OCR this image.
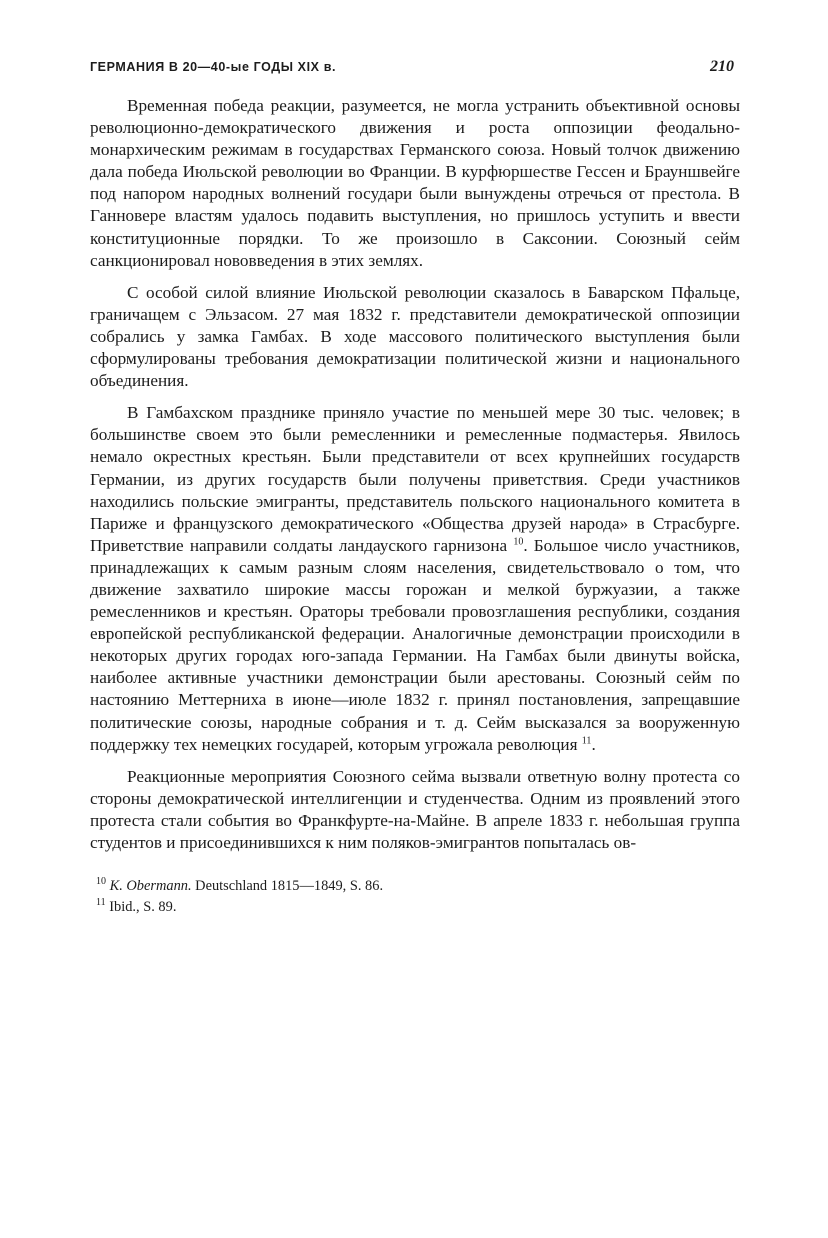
ГЕРМАНИЯ В 20—40-ые ГОДЫ XIX в.	210

Временная победа реакции, разумеется, не могла устранить объективной основы революционно-демократического движения и роста оппозиции феодально-монархическим режимам в государствах Германского союза. Новый толчок движению дала победа Июльской революции во Франции. В курфюршестве Гессен и Брауншвейге под напором народных волнений государи были вынуждены отречься от престола. В Ганновере властям удалось подавить выступления, но пришлось уступить и ввести конституционные порядки. То же произошло в Саксонии. Союзный сейм санкционировал нововведения в этих землях.

С особой силой влияние Июльской революции сказалось в Баварском Пфальце, граничащем с Эльзасом. 27 мая 1832 г. представители демократической оппозиции собрались у замка Гамбах. В ходе массового политического выступления были сформулированы требования демократизации политической жизни и национального объединения.

В Гамбахском празднике приняло участие по меньшей мере 30 тыс. человек; в большинстве своем это были ремесленники и ремесленные подмастерья. Явилось немало окрестных крестьян. Были представители от всех крупнейших государств Германии, из других государств были получены приветствия. Среди участников находились польские эмигранты, представитель польского национального комитета в Париже и французского демократического «Общества друзей народа» в Страсбурге. Приветствие направили солдаты ландауского гарнизона $^{10}$. Большое число участников, принадлежащих к самым разным слоям населения, свидетельствовало о том, что движение захватило широкие массы горожан и мелкой буржуазии, а также ремесленников и крестьян. Ораторы требовали провозглашения республики, создания европейской республиканской федерации. Аналогичные демонстрации происходили в некоторых других городах юго-запада Германии. На Гамбах были двинуты войска, наиболее активные участники демонстрации были арестованы. Союзный сейм по настоянию Меттерниха в июне—июле 1832 г. принял постановления, запрещавшие политические союзы, народные собрания и т. д. Сейм высказался за вооруженную поддержку тех немецких государей, которым угрожала революция $^{11}$.

Реакционные мероприятия Союзного сейма вызвали ответную волну протеста со стороны демократической интеллигенции и студенчества. Одним из проявлений этого протеста стали события во Франкфурте-на-Майне. В апреле 1833 г. небольшая группа студентов и присоединившихся к ним поляков-эмигрантов попыталась ов-

$^{10}$ K. Obermann. Deutschland 1815—1849, S. 86.

$^{11}$ Ibid., S. 89.
